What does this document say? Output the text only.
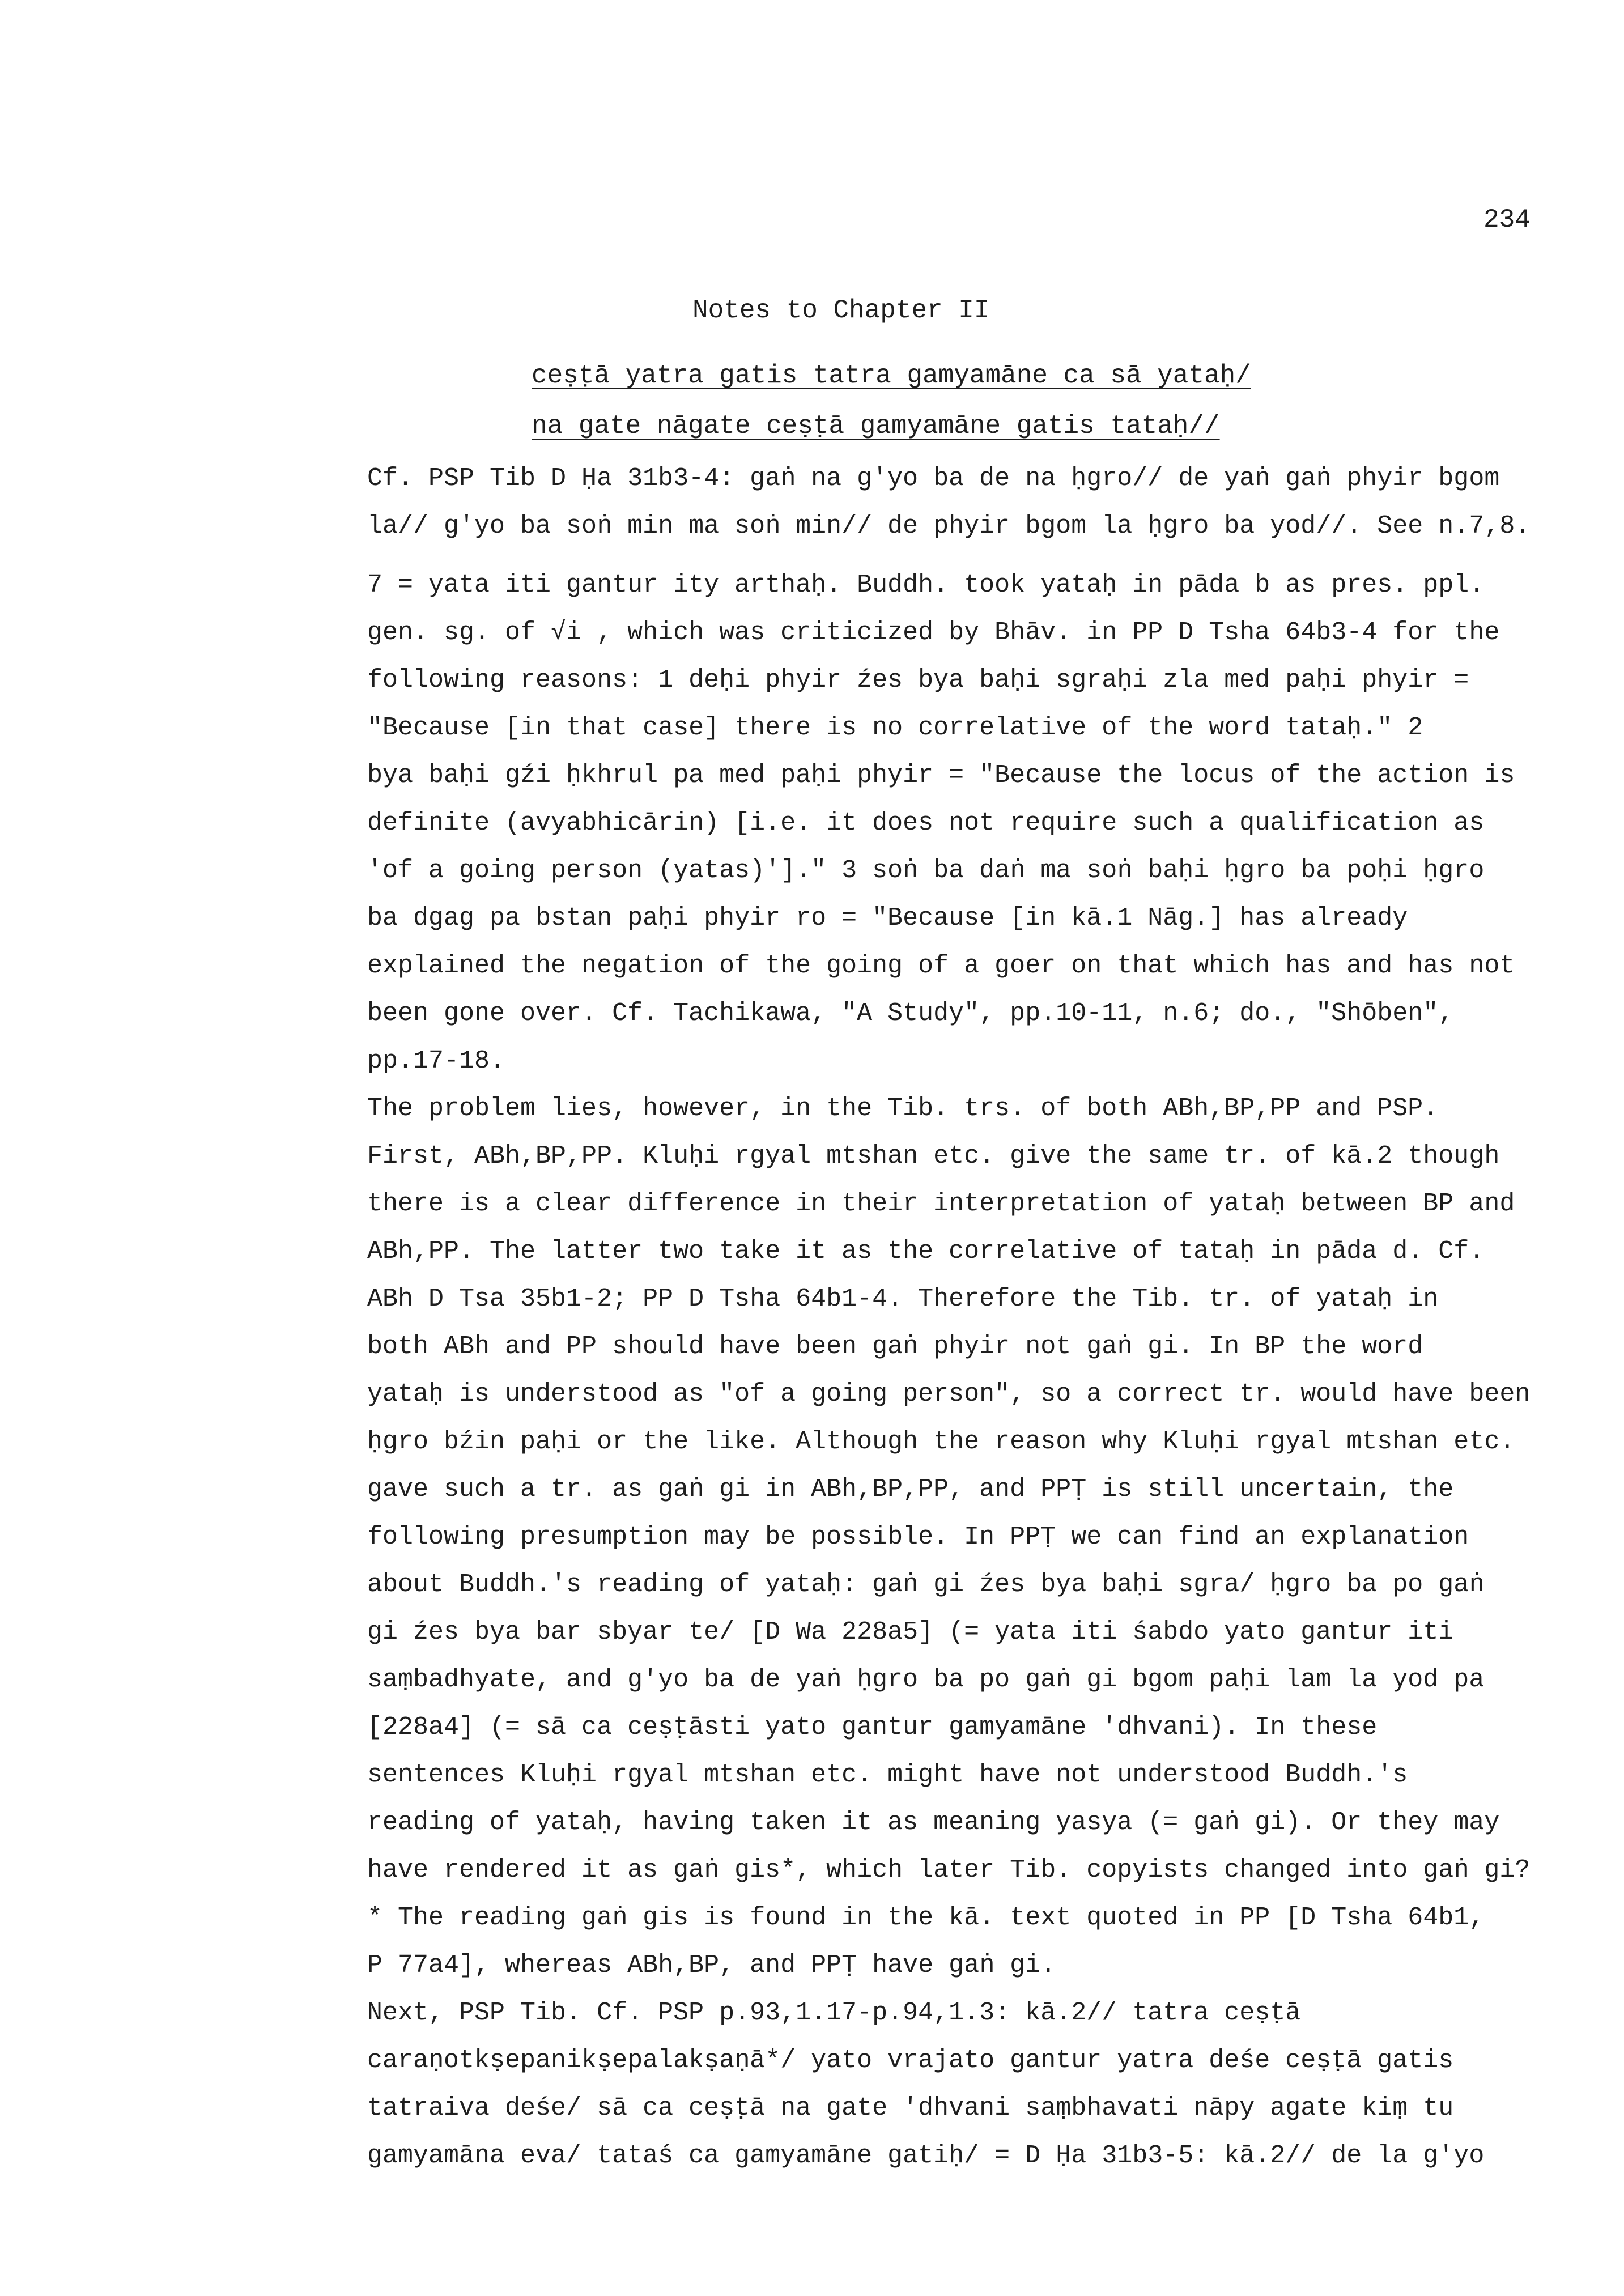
234
Notes to Chapter II
ceṣṭā yatra gatis tatra gamyamāne ca sā yataḥ/
na gate nāgate ceṣṭā gamyamāne gatis tataḥ//
Cf. PSP Tib D Ḥa 31b3-4: gaṅ na g'yo ba de na ḥgro// de yaṅ gaṅ phyir bgom
la// g'yo ba soṅ min ma soṅ min// de phyir bgom la ḥgro ba yod//. See n.7,8.
7 = yata iti gantur ity arthaḥ. Buddh. took yataḥ in pāda b as pres. ppl.
gen. sg. of √i , which was criticized by Bhāv. in PP D Tsha 64b3-4 for the
following reasons: 1 deḥi phyir źes bya baḥi sgraḥi zla med paḥi phyir =
"Because [in that case] there is no correlative of the word tataḥ." 2
bya baḥi gźi ḥkhrul pa med paḥi phyir = "Because the locus of the action is
definite (avyabhicārin) [i.e. it does not require such a qualification as
'of a going person (yatas)']." 3 soṅ ba daṅ ma soṅ baḥi ḥgro ba poḥi ḥgro
ba dgag pa bstan paḥi phyir ro = "Because [in kā.1 Nāg.] has already
explained the negation of the going of a goer on that which has and has not
been gone over. Cf. Tachikawa, "A Study", pp.10-11, n.6; do., "Shōben",
pp.17-18.
The problem lies, however, in the Tib. trs. of both ABh,BP,PP and PSP.
First, ABh,BP,PP. Kluḥi rgyal mtshan etc. give the same tr. of kā.2 though
there is a clear difference in their interpretation of yataḥ between BP and
ABh,PP. The latter two take it as the correlative of tataḥ in pāda d. Cf.
ABh D Tsa 35b1-2; PP D Tsha 64b1-4. Therefore the Tib. tr. of yataḥ in
both ABh and PP should have been gaṅ phyir not gaṅ gi. In BP the word
yataḥ is understood as "of a going person", so a correct tr. would have been
ḥgro bźin paḥi or the like. Although the reason why Kluḥi rgyal mtshan etc.
gave such a tr. as gaṅ gi in ABh,BP,PP, and PPṬ is still uncertain, the
following presumption may be possible. In PPṬ we can find an explanation
about Buddh.'s reading of yataḥ: gaṅ gi źes bya baḥi sgra/ ḥgro ba po gaṅ
gi źes bya bar sbyar te/ [D Wa 228a5] (= yata iti śabdo yato gantur iti
saṃbadhyate, and g'yo ba de yaṅ ḥgro ba po gaṅ gi bgom paḥi lam la yod pa
[228a4] (= sā ca ceṣṭāsti yato gantur gamyamāne 'dhvani). In these
sentences Kluḥi rgyal mtshan etc. might have not understood Buddh.'s
reading of yataḥ, having taken it as meaning yasya (= gaṅ gi). Or they may
have rendered it as gaṅ gis*, which later Tib. copyists changed into gaṅ gi?
* The reading gaṅ gis is found in the kā. text quoted in PP [D Tsha 64b1,
P 77a4], whereas ABh,BP, and PPṬ have gaṅ gi.
Next, PSP Tib. Cf. PSP p.93,1.17-p.94,1.3: kā.2// tatra ceṣṭā
caraṇotkṣepanikṣepalakṣaṇā*/ yato vrajato gantur yatra deśe ceṣṭā gatis
tatraiva deśe/ sā ca ceṣṭā na gate 'dhvani saṃbhavati nāpy agate kiṃ tu
gamyamāna eva/ tataś ca gamyamāne gatiḥ/ = D Ḥa 31b3-5: kā.2// de la g'yo
